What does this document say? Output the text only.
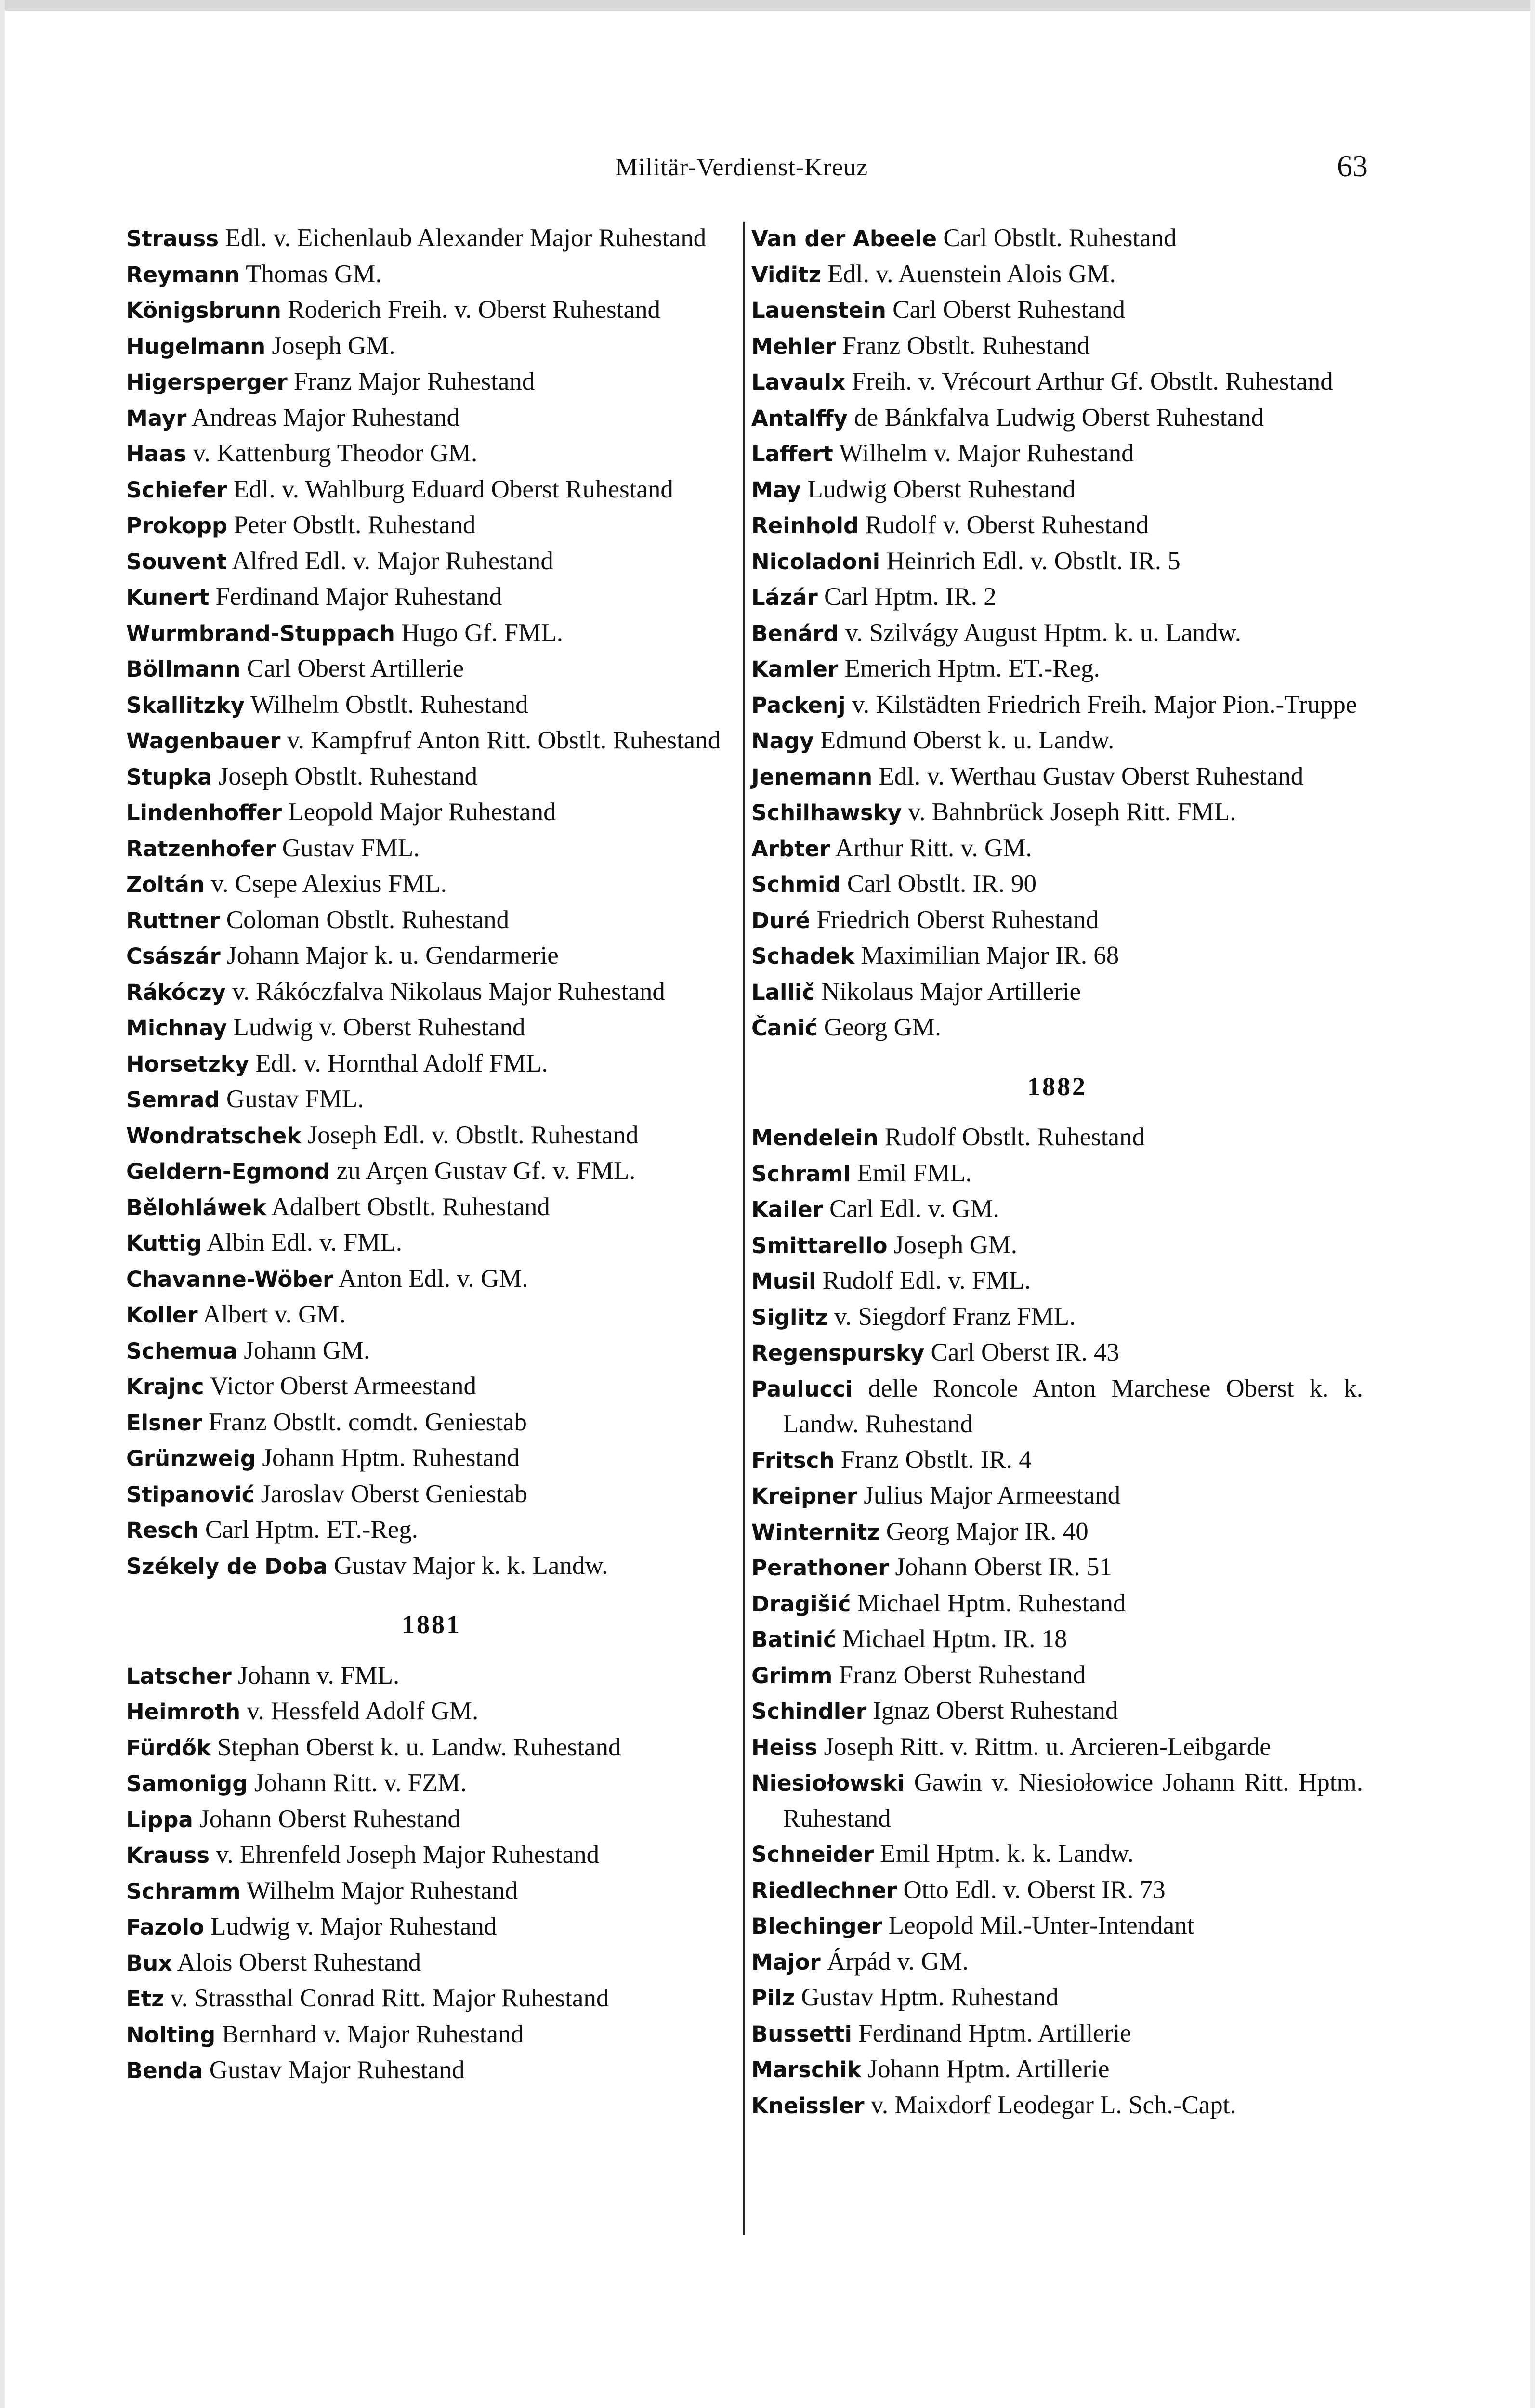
Militär-Verdienst-Kreuz	63

Strauss Edl. v. Eichenlaub Alexander Major Ruhestand

Reymann Thomas GM.

Königsbrunn Roderich Freih. v. Oberst Ruhestand

Hugelmann Joseph GM.

Higersperger Franz Major Ruhestand

Mayr Andreas Major Ruhestand

Haas v. Kattenburg Theodor GM.

Schiefer Edl. v. Wahlburg Eduard Oberst Ruhestand

Prokopp Peter Obstlt. Ruhestand

Souvent Alfred Edl. v. Major Ruhestand

Kunert Ferdinand Major Ruhestand

Wurmbrand-Stuppach Hugo Gf. FML.

Böllmann Carl Oberst Artillerie

Skallitzky Wilhelm Obstlt. Ruhestand

Wagenbauer v. Kampfruf Anton Ritt. Obstlt. Ruhestand

Stupka Joseph Obstlt. Ruhestand

Lindenhoffer Leopold Major Ruhestand

Ratzenhofer Gustav FML.

Zoltán v. Csepe Alexius FML.

Ruttner Coloman Obstlt. Ruhestand

Császár Johann Major k. u. Gendarmerie

Rákóczy v. Rákóczfalva Nikolaus Major Ruhestand

Michnay Ludwig v. Oberst Ruhestand

Horsetzky Edl. v. Hornthal Adolf FML.

Semrad Gustav FML.

Wondratschek Joseph Edl. v. Obstlt. Ruhestand

Geldern-Egmond zu Arçen Gustav Gf. v. FML.

Bělohláwek Adalbert Obstlt. Ruhestand

Kuttig Albin Edl. v. FML.

Chavanne-Wöber Anton Edl. v. GM.

Koller Albert v. GM.

Schemua Johann GM.

Krajnc Victor Oberst Armeestand

Elsner Franz Obstlt. comdt. Geniestab

Grünzweig Johann Hptm. Ruhestand

Stipanović Jaroslav Oberst Geniestab

Resch Carl Hptm. ET.-Reg.

Székely de Doba Gustav Major k. k. Landw.

1881

Latscher Johann v. FML.

Heimroth v. Hessfeld Adolf GM.

Fürdők Stephan Oberst k. u. Landw. Ruhestand

Samonigg Johann Ritt. v. FZM.

Lippa Johann Oberst Ruhestand

Krauss v. Ehrenfeld Joseph Major Ruhestand

Schramm Wilhelm Major Ruhestand

Fazolo Ludwig v. Major Ruhestand

Bux Alois Oberst Ruhestand

Etz v. Strassthal Conrad Ritt. Major Ruhestand

Nolting Bernhard v. Major Ruhestand

Benda Gustav Major Ruhestand

Van der Abeele Carl Obstlt. Ruhestand

Viditz Edl. v. Auenstein Alois GM.

Lauenstein Carl Oberst Ruhestand

Mehler Franz Obstlt. Ruhestand

Lavaulx Freih. v. Vrécourt Arthur Gf. Obstlt. Ruhestand

Antalffy de Bánkfalva Ludwig Oberst Ruhestand

Laffert Wilhelm v. Major Ruhestand

May Ludwig Oberst Ruhestand

Reinhold Rudolf v. Oberst Ruhestand

Nicoladoni Heinrich Edl. v. Obstlt. IR. 5

Lázár Carl Hptm. IR. 2

Benárd v. Szilvágy August Hptm. k. u. Landw.

Kamler Emerich Hptm. ET.-Reg.

Packenj v. Kilstädten Friedrich Freih. Major Pion.-Truppe

Nagy Edmund Oberst k. u. Landw.

Jenemann Edl. v. Werthau Gustav Oberst Ruhestand

Schilhawsky v. Bahnbrück Joseph Ritt. FML.

Arbter Arthur Ritt. v. GM.

Schmid Carl Obstlt. IR. 90

Duré Friedrich Oberst Ruhestand

Schadek Maximilian Major IR. 68

Lallič Nikolaus Major Artillerie

Čanić Georg GM.

1882

Mendelein Rudolf Obstlt. Ruhestand

Schraml Emil FML.

Kailer Carl Edl. v. GM.

Smittarello Joseph GM.

Musil Rudolf Edl. v. FML.

Siglitz v. Siegdorf Franz FML.

Regenspursky Carl Oberst IR. 43

Paulucci delle Roncole Anton Marchese Oberst k. k. Landw. Ruhestand

Fritsch Franz Obstlt. IR. 4

Kreipner Julius Major Armeestand

Winternitz Georg Major IR. 40

Perathoner Johann Oberst IR. 51

Dragišić Michael Hptm. Ruhestand

Batinić Michael Hptm. IR. 18

Grimm Franz Oberst Ruhestand

Schindler Ignaz Oberst Ruhestand

Heiss Joseph Ritt. v. Rittm. u. Arcieren-Leibgarde

Niesiołowski Gawin v. Niesiołowice Johann Ritt. Hptm. Ruhestand

Schneider Emil Hptm. k. k. Landw.

Riedlechner Otto Edl. v. Oberst IR. 73

Blechinger Leopold Mil.-Unter-Intendant

Major Árpád v. GM.

Pilz Gustav Hptm. Ruhestand

Bussetti Ferdinand Hptm. Artillerie

Marschik Johann Hptm. Artillerie

Kneissler v. Maixdorf Leodegar L. Sch.-Capt.
